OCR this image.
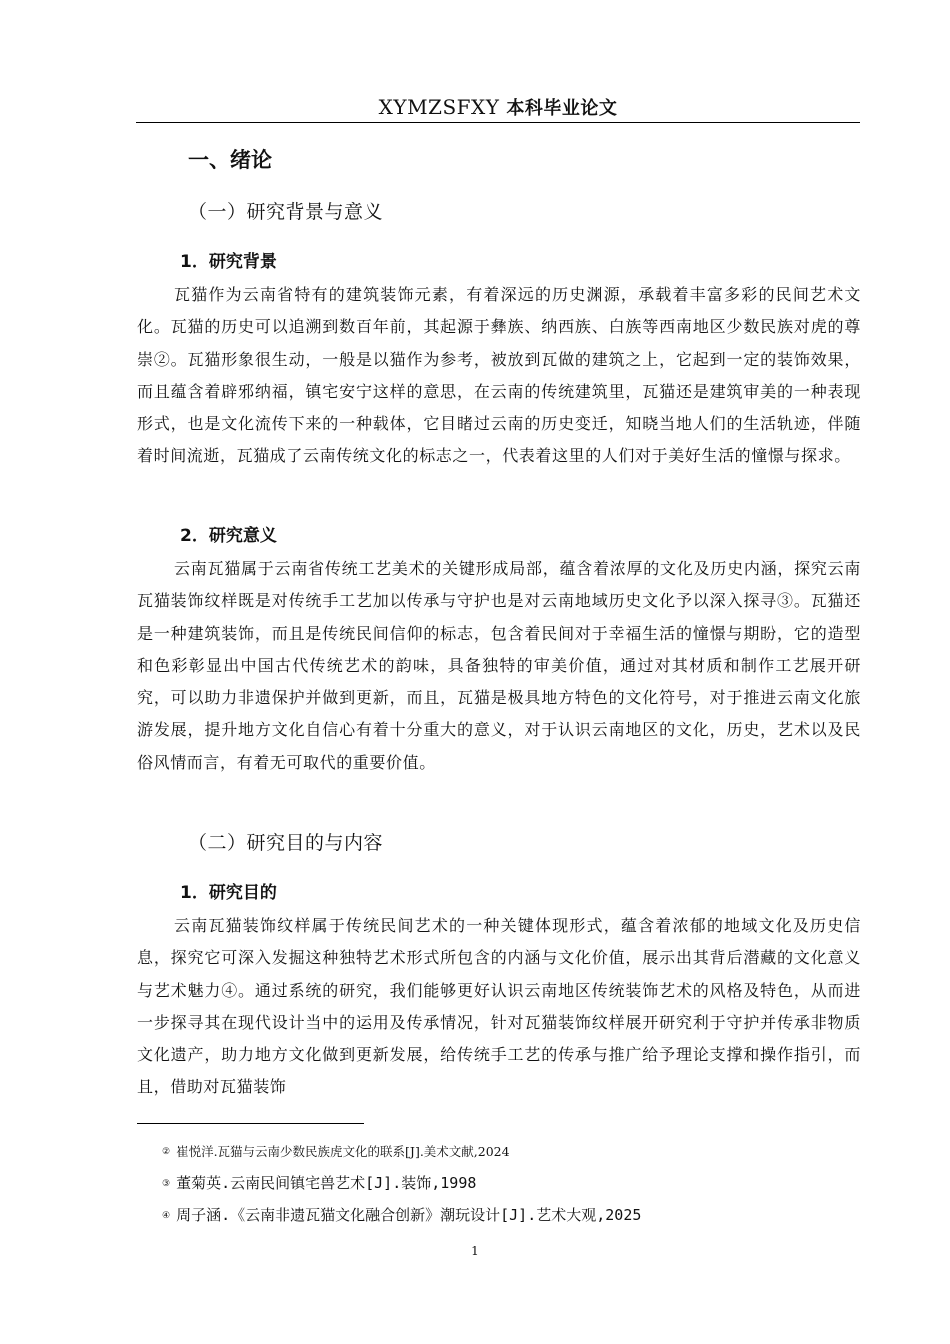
XYMZSFXY 本科毕业论文
一、绪论
（一）研究背景与意义
1．研究背景

瓦猫作为云南省特有的建筑装饰元素，有着深远的历史渊源，承载着丰富多彩的民间艺术文化。瓦猫的历史可以追溯到数百年前，其起源于彝族、纳西族、白族等西南地区少数民族对虎的尊崇②。瓦猫形象很生动，一般是以猫作为参考，被放到瓦做的建筑之上，它起到一定的装饰效果，而且蕴含着辟邪纳福，镇宅安宁这样的意思，在云南的传统建筑里，瓦猫还是建筑审美的一种表现形式，也是文化流传下来的一种载体，它目睹过云南的历史变迁，知晓当地人们的生活轨迹，伴随着时间流逝，瓦猫成了云南传统文化的标志之一，代表着这里的人们对于美好生活的憧憬与探求。

2．研究意义

云南瓦猫属于云南省传统工艺美术的关键形成局部，蕴含着浓厚的文化及历史内涵，探究云南瓦猫装饰纹样既是对传统手工艺加以传承与守护也是对云南地域历史文化予以深入探寻③。瓦猫还是一种建筑装饰，而且是传统民间信仰的标志，包含着民间对于幸福生活的憧憬与期盼，它的造型和色彩彰显出中国古代传统艺术的韵味，具备独特的审美价值，通过对其材质和制作工艺展开研究，可以助力非遗保护并做到更新，而且，瓦猫是极具地方特色的文化符号，对于推进云南文化旅游发展，提升地方文化自信心有着十分重大的意义，对于认识云南地区的文化，历史，艺术以及民俗风情而言，有着无可取代的重要价值。

（二）研究目的与内容
1．研究目的

云南瓦猫装饰纹样属于传统民间艺术的一种关键体现形式，蕴含着浓郁的地域文化及历史信息，探究它可深入发掘这种独特艺术形式所包含的内涵与文化价值，展示出其背后潜藏的文化意义与艺术魅力④。通过系统的研究，我们能够更好认识云南地区传统装饰艺术的风格及特色，从而进一步探寻其在现代设计当中的运用及传承情况，针对瓦猫装饰纹样展开研究利于守护并传承非物质文化遗产，助力地方文化做到更新发展，给传统手工艺的传承与推广给予理论支撑和操作指引，而且，借助对瓦猫装饰

② 崔悦洋.瓦猫与云南少数民族虎文化的联系[J].美术文献,2024
③ 董菊英.云南民间镇宅兽艺术[J].装饰,1998
④ 周子涵.《云南非遗瓦猫文化融合创新》潮玩设计[J].艺术大观,2025
1
